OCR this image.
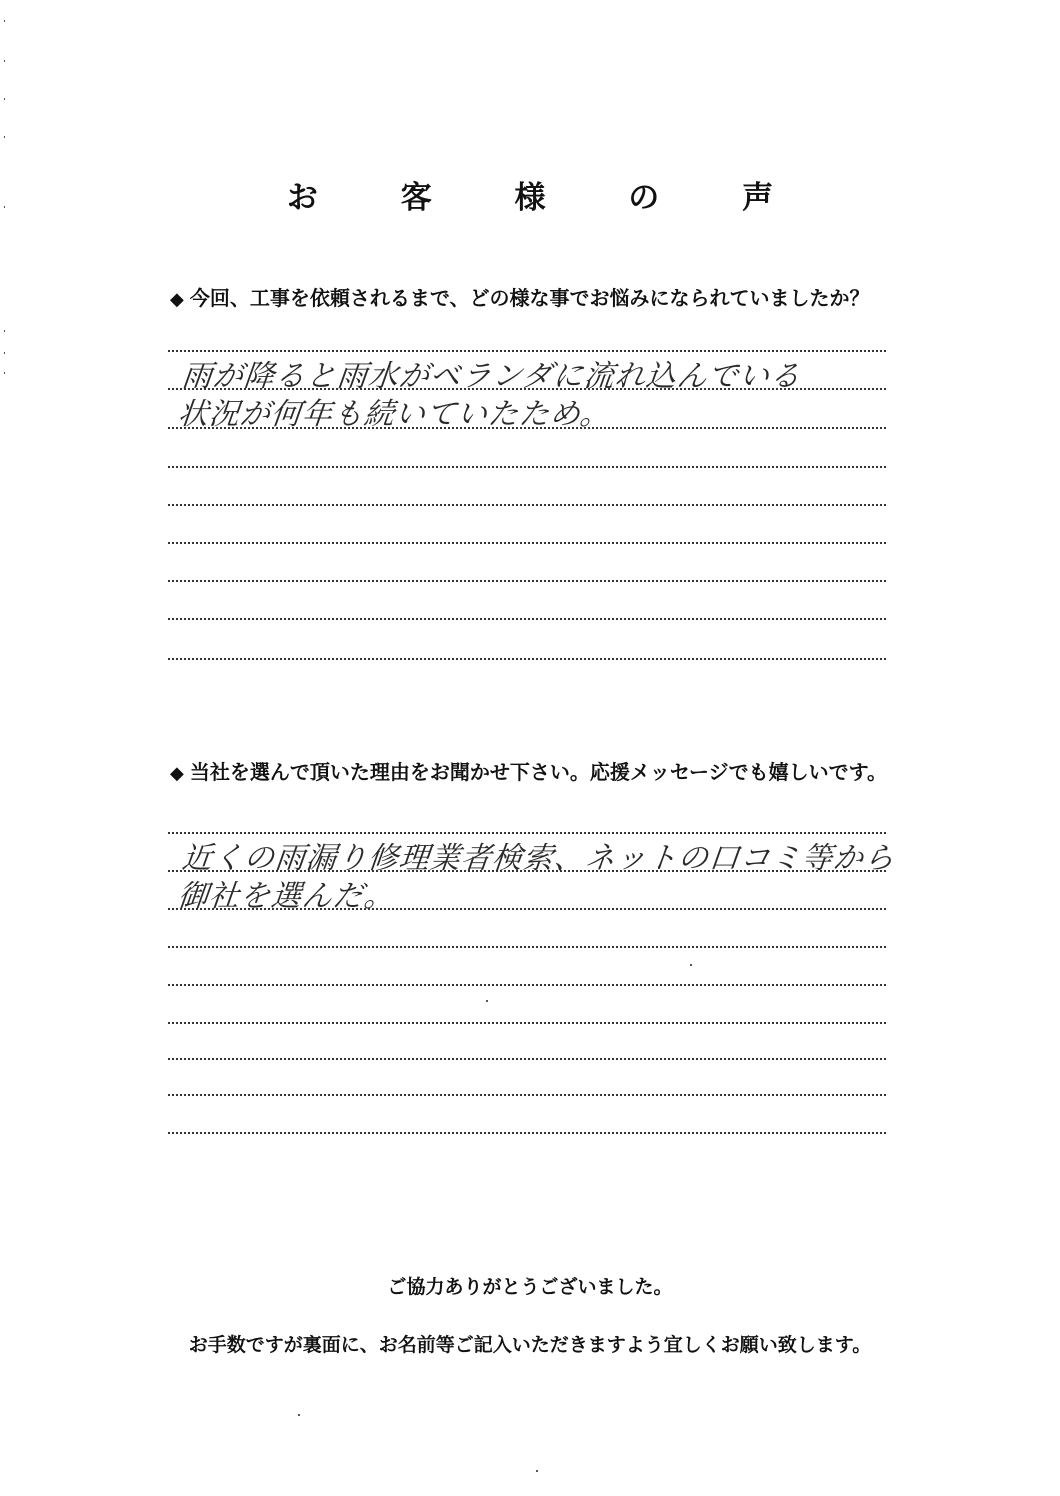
お 客 様 の 声
◆ 今回、工事を依頼されるまで、どの様な事でお悩みになられていましたか？
雨が降ると雨水がベランダに流れ込んでいる
状況が何年も続いていたため。
◆ 当社を選んで頂いた理由をお聞かせ下さい。応援メッセージでも嬉しいです。
近くの雨漏り修理業者検索、ネットの口コミ等から
御社を選んだ。
ご協力ありがとうございました。
お手数ですが裏面に、お名前等ご記入いただきますよう宜しくお願い致します。
